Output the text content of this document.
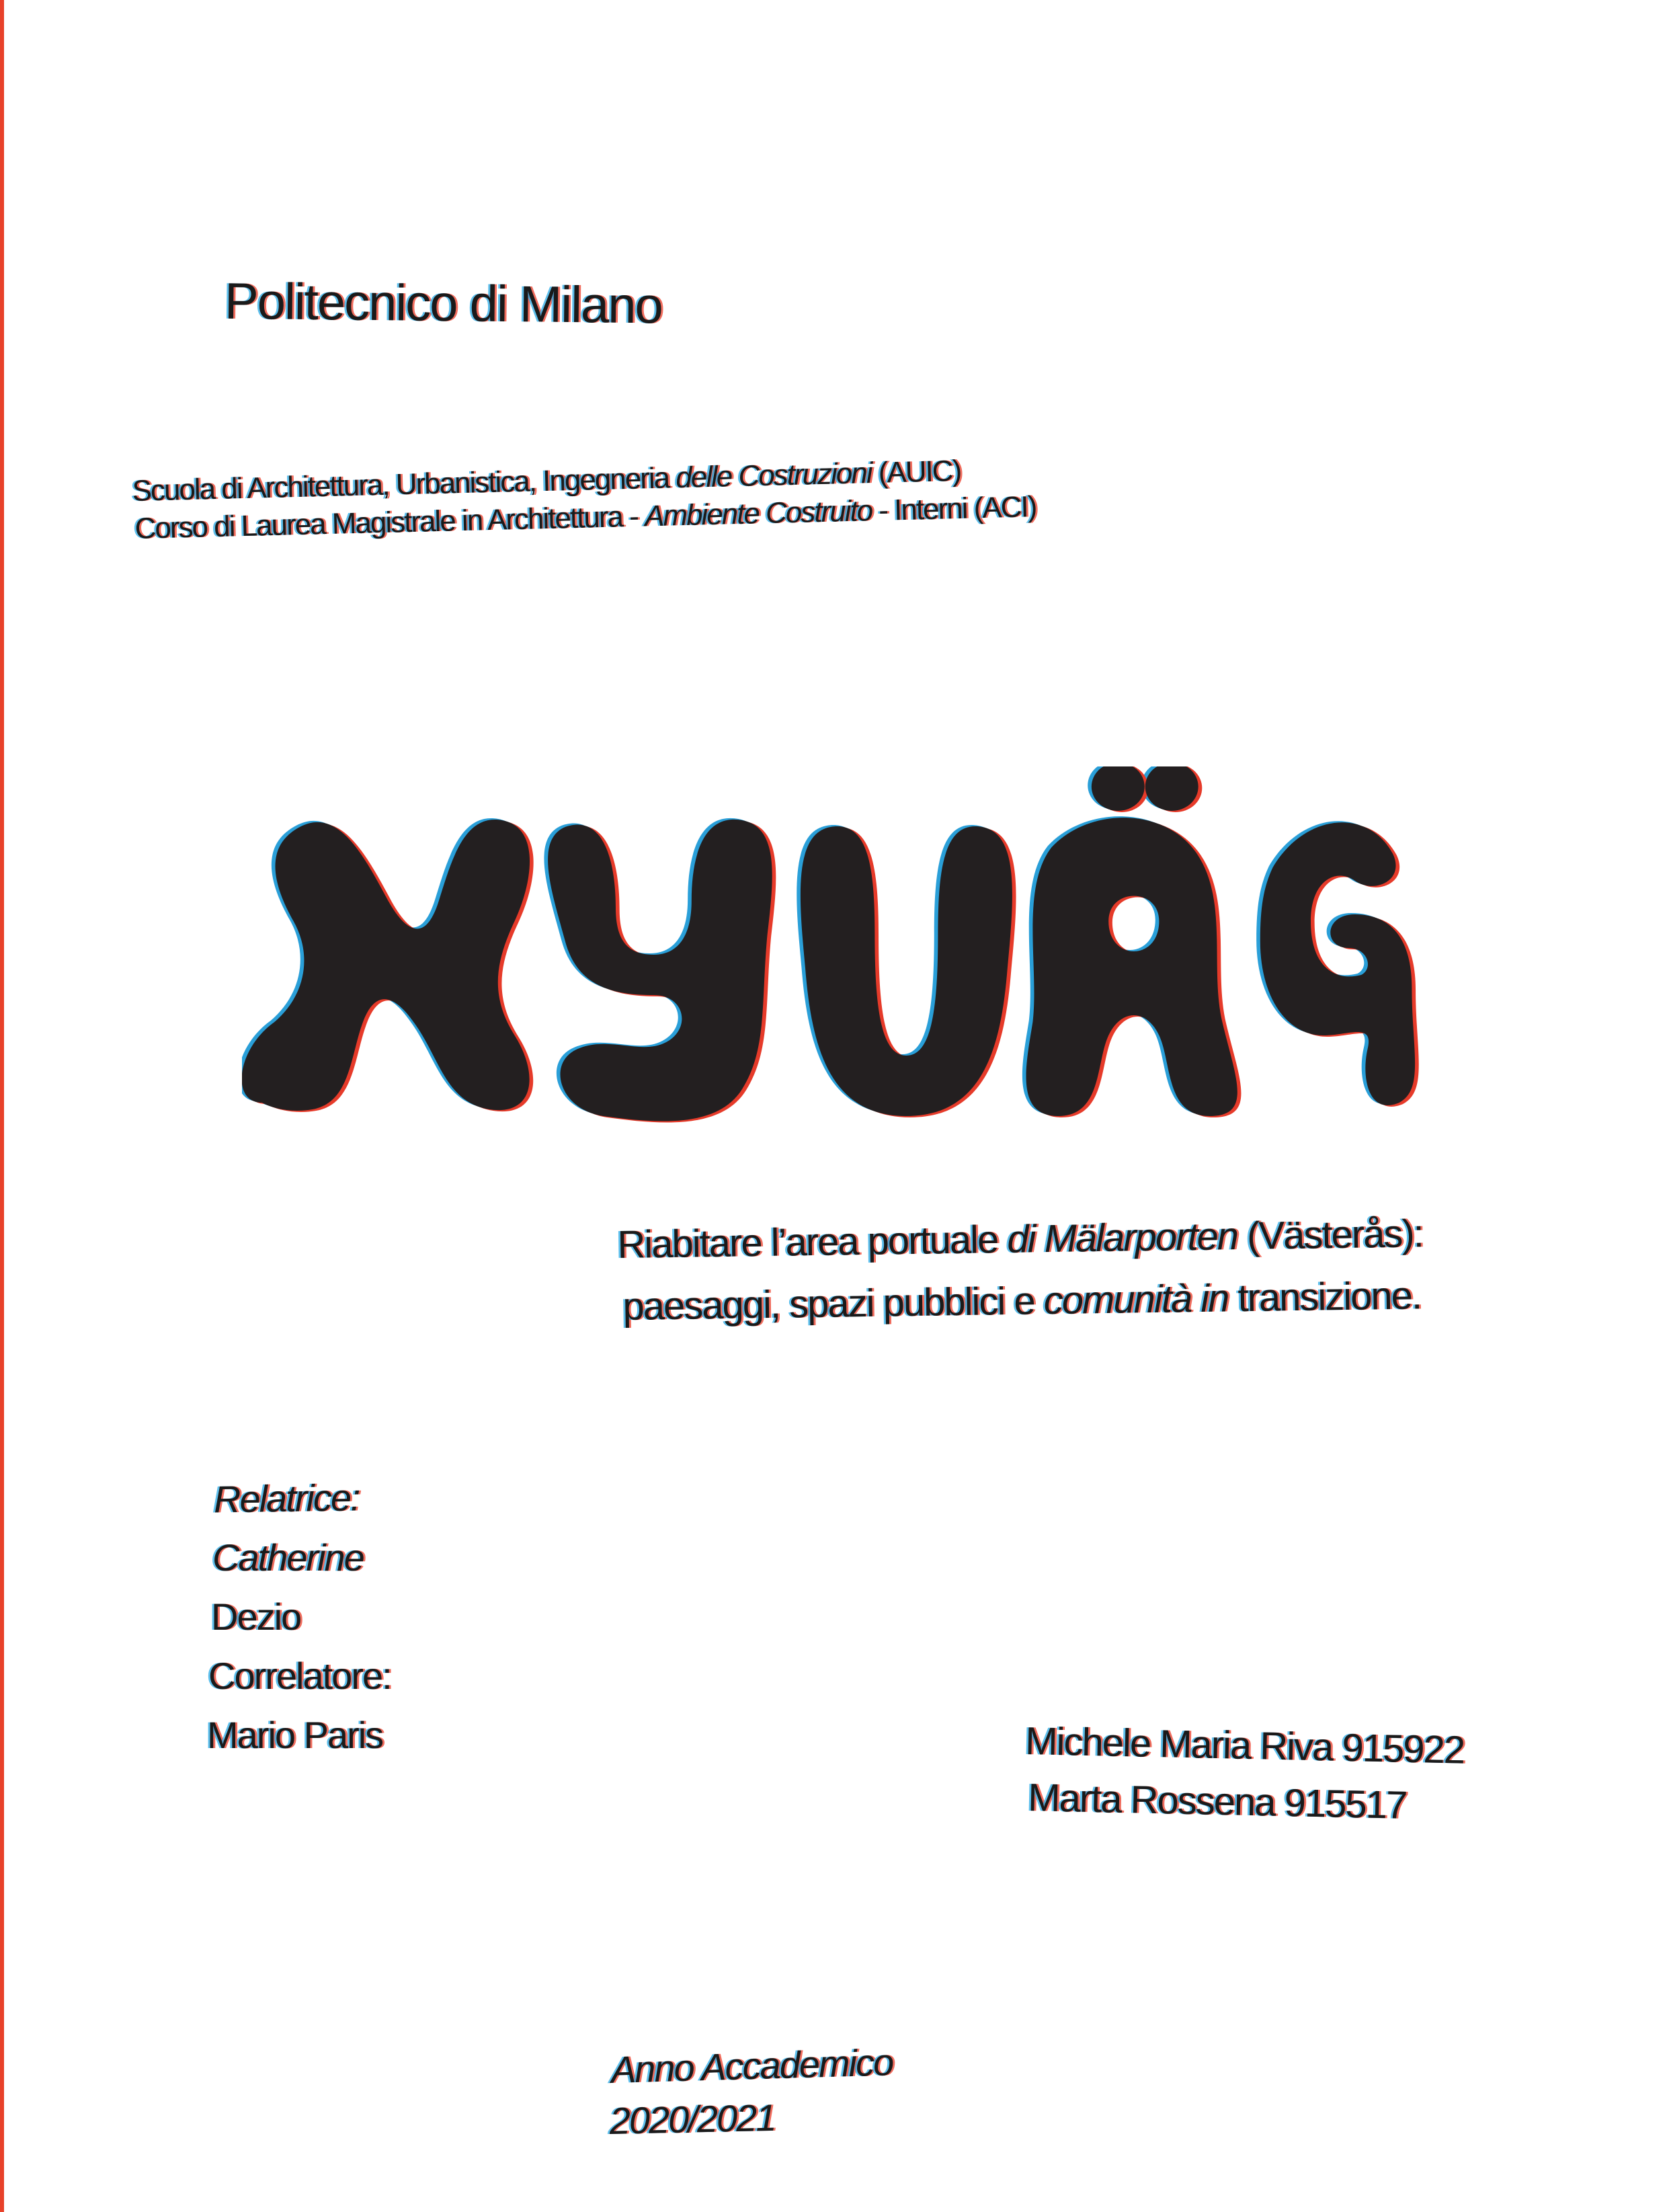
Politecnico di Milano
Scuola di Architettura, Urbanistica, Ingegneria delle Costruzioni (AUIC)
Corso di Laurea Magistrale in Architettura - Ambiente Costruito - Interni (ACI)
Riabitare l’area portuale di Mälarporten (Västerås):
paesaggi, spazi pubblici e comunità in transizione.
Relatrice:
Catherine
Dezio
Correlatore:
Mario Paris	Michele Maria Riva 915922
Marta Rossena 915517
Anno Accademico
2020/2021
